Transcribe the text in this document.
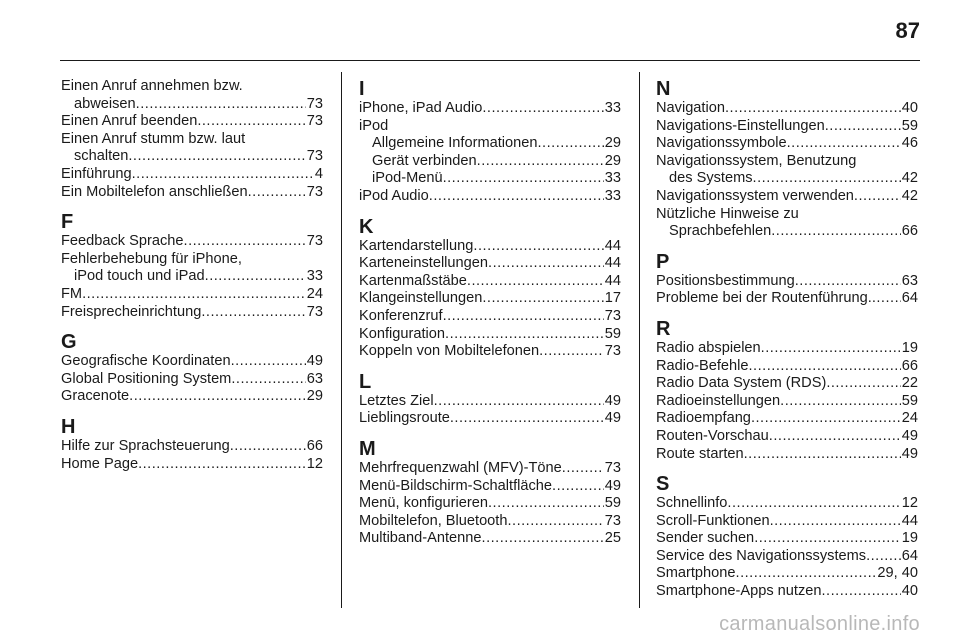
87
Einen Anruf annehmen bzw.
abweisen .....	73
Einen Anruf beenden .....	73
Einen Anruf stumm bzw. laut
schalten .....	73
Einführung .....	4
Ein Mobiltelefon anschließen .....	73
F
Feedback Sprache .....	73
Fehlerbehebung für iPhone,
iPod touch und iPad .....	33
FM .....	24
Freisprecheinrichtung .....	73
G
Geografische Koordinaten .....	49
Global Positioning System .....	63
Gracenote .....	29
H
Hilfe zur Sprachsteuerung .....	66
Home Page .....	12
I
iPhone, iPad Audio .....	33
iPod
Allgemeine Informationen .....	29
Gerät verbinden .....	29
iPod-Menü .....	33
iPod Audio .....	33
K
Kartendarstellung .....	44
Karteneinstellungen .....	44
Kartenmaßstäbe .....	44
Klangeinstellungen .....	17
Konferenzruf .....	73
Konfiguration .....	59
Koppeln von Mobiltelefonen .....	73
L
Letztes Ziel .....	49
Lieblingsroute .....	49
M
Mehrfrequenzwahl (MFV)-Töne .....	73
Menü-Bildschirm-Schaltfläche .....	49
Menü, konfigurieren .....	59
Mobiltelefon, Bluetooth .....	73
Multiband-Antenne .....	25
N
Navigation .....	40
Navigations-Einstellungen .....	59
Navigationssymbole .....	46
Navigationssystem, Benutzung
des Systems .....	42
Navigationssystem verwenden .....	42
Nützliche Hinweise zu
Sprachbefehlen .....	66
P
Positionsbestimmung .....	63
Probleme bei der Routenführung. ..... 64
R
Radio abspielen .....	19
Radio-Befehle .....	66
Radio Data System (RDS) .....	22
Radioeinstellungen .....	59
Radioempfang .....	24
Routen-Vorschau .....	49
Route starten .....	49
S
Schnellinfo .....	12
Scroll-Funktionen .....	44
Sender suchen .....	19
Service des Navigationssystems ..... 64
Smartphone .....	29, 40
Smartphone-Apps nutzen .....	40
carmanualsonline.info
